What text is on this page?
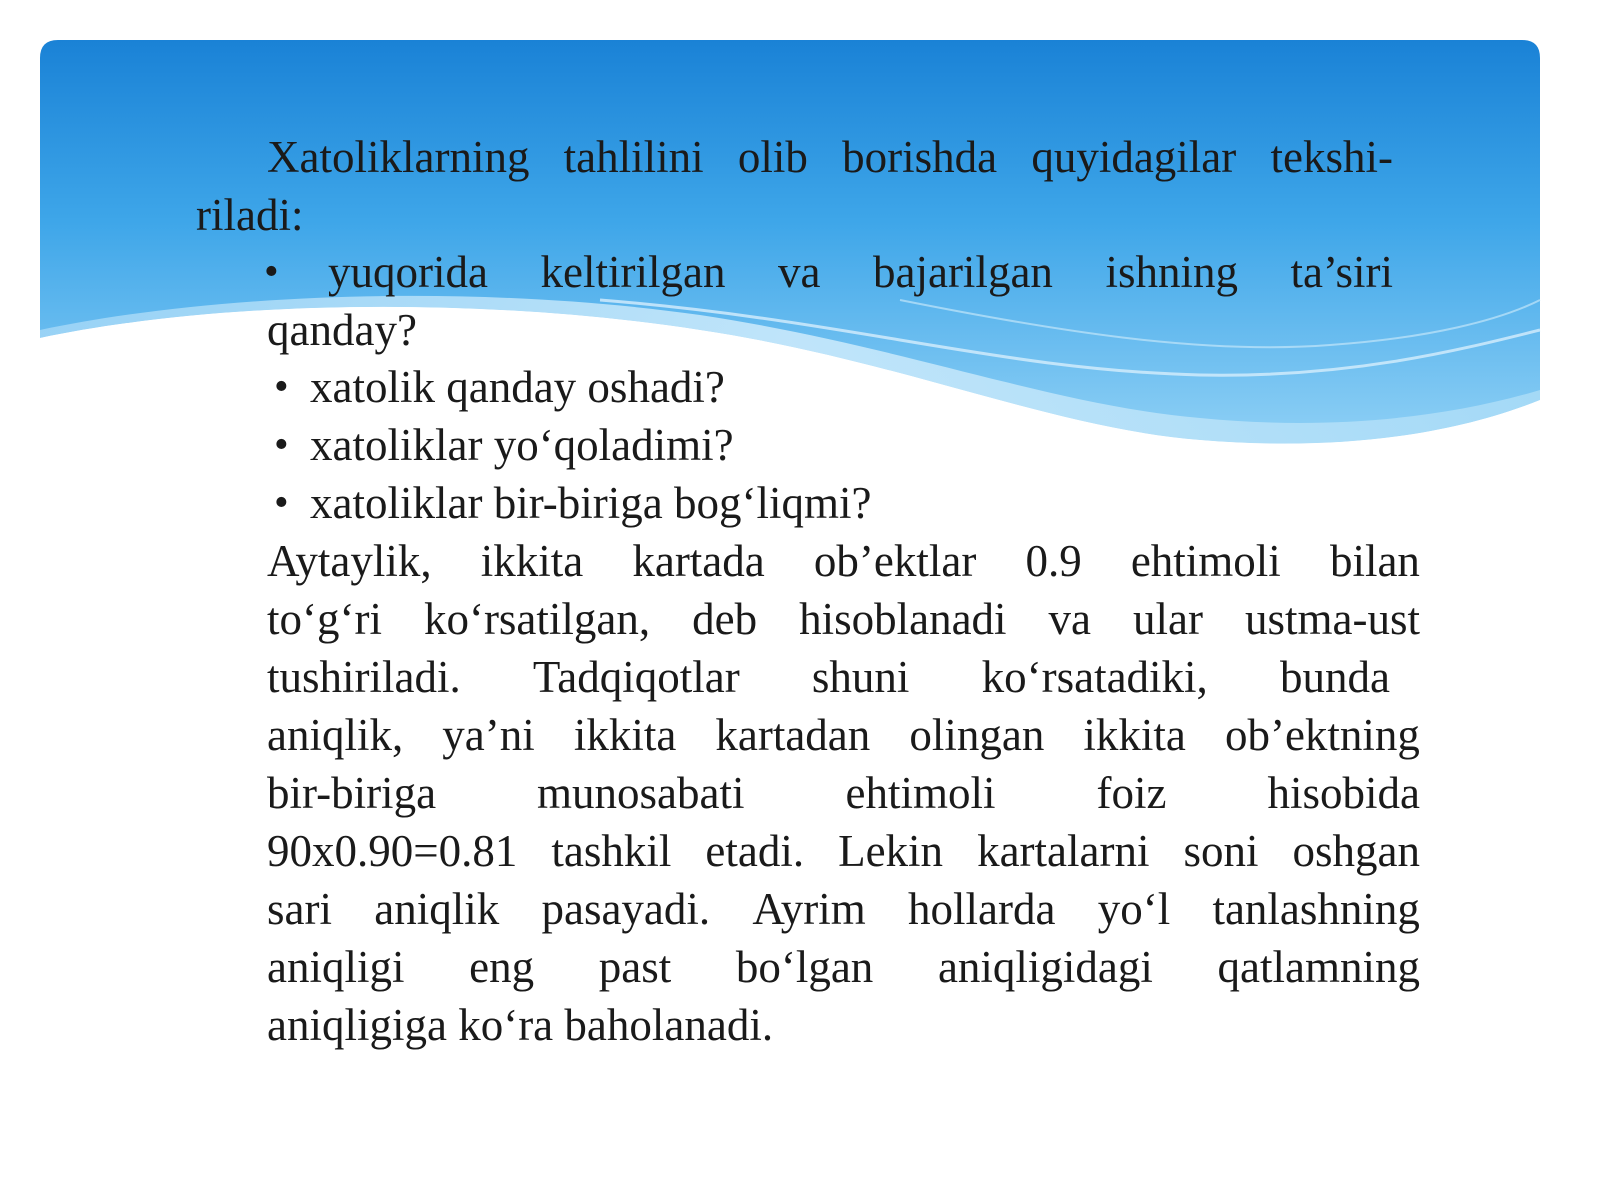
Xatoliklarning tahlilini olib borishda quyidagilar tekshi-
riladi:
• yuqorida keltirilgan va bajarilgan ishning ta’siri
qanday?
• xatolik qanday oshadi?
• xatoliklar yo‘qoladimi?
• xatoliklar bir-biriga bog‘liqmi?
Aytaylik, ikkita kartada ob’ektlar 0.9 ehtimoli bilan
to‘g‘ri ko‘rsatilgan, deb hisoblanadi va ular ustma-ust
tushiriladi. Tadqiqotlar shuni ko‘rsatadiki, bunda
aniqlik, ya’ni ikkita kartadan olingan ikkita ob’ektning
bir-biriga munosabati ehtimoli foiz hisobida
90x0.90=0.81 tashkil etadi. Lekin kartalarni soni oshgan
sari aniqlik pasayadi. Ayrim hollarda yo‘l tanlashning
aniqligi eng past bo‘lgan aniqligidagi qatlamning
aniqligiga ko‘ra baholanadi.
